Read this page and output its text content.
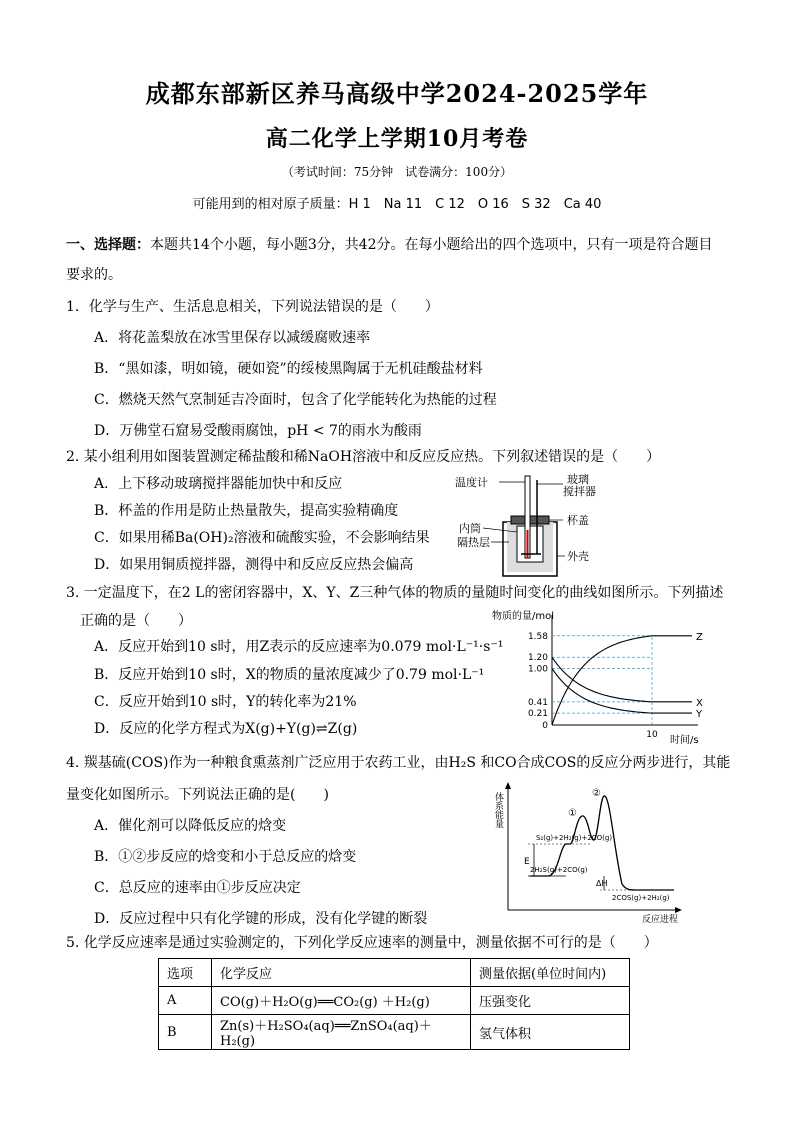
成都东部新区养马高级中学2024-2025学年
高二化学上学期10月考卷
（考试时间：75分钟　试卷满分：100分）
可能用到的相对原子质量：H 1　Na 11　C 12　O 16　S 32　Ca 40
一、选择题：本题共14个小题，每小题3分，共42分。在每小题给出的四个选项中，只有一项是符合题目
要求的。
1．化学与生产、生活息息相关，下列说法错误的是（　　）
A．将花盖梨放在冰雪里保存以减缓腐败速率
B．“黑如漆，明如镜，硬如瓷”的绥棱黑陶属于无机硅酸盐材料
C．燃烧天然气烹制延吉冷面时，包含了化学能转化为热能的过程
D．万佛堂石窟易受酸雨腐蚀，pH < 7的雨水为酸雨
2. 某小组利用如图装置测定稀盐酸和稀NaOH溶液中和反应反应热。下列叙述错误的是（　　）
A．上下移动玻璃搅拌器能加快中和反应
B．杯盖的作用是防止热量散失，提高实验精确度
C．如果用稀Ba(OH)₂溶液和硫酸实验，不会影响结果
D．如果用铜质搅拌器，测得中和反应反应热会偏高
温度计	玻璃
搅拌器
杯盖
内筒
隔热层
外壳
3. 一定温度下，在2 L的密闭容器中，X、Y、Z三种气体的物质的量随时间变化的曲线如图所示。下列描述
正确的是（　　）
A．反应开始到10 s时，用Z表示的反应速率为0.079 mol·L⁻¹·s⁻¹
B．反应开始到10 s时，X的物质的量浓度减少了0.79 mol·L⁻¹
C．反应开始到10 s时，Y的转化率为21%
D．反应的化学方程式为X(g)+Y(g)⇌Z(g)
1.58
1.20
1.00
0.41
0.21
0
10
Z
X
Y
物质的量/mol
时间/s
4. 羰基硫(COS)作为一种粮食熏蒸剂广泛应用于农药工业，由H₂S 和CO合成COS的反应分两步进行，其能
量变化如图所示。下列说法正确的是(　　)
A．催化剂可以降低反应的焓变
B．①②步反应的焓变和小于总反应的焓变
C．总反应的速率由①步反应决定
D．反应过程中只有化学键的形成，没有化学键的断裂
体系能量
E
S₂(g)+2H₂(g)+2CO(g)
2H₂S(g)+2CO(g)
ΔH
2COS(g)+2H₂(g)
①
②
反应进程
5. 化学反应速率是通过实验测定的，下列化学反应速率的测量中，测量依据不可行的是（　　）
选项	化学反应	测量依据(单位时间内)
A	CO(g)＋H₂O(g)══CO₂(g) ＋H₂(g)	压强变化
B	Zn(s)＋H₂SO₄(aq)══ZnSO₄(aq)＋H₂(g)	氢气体积
